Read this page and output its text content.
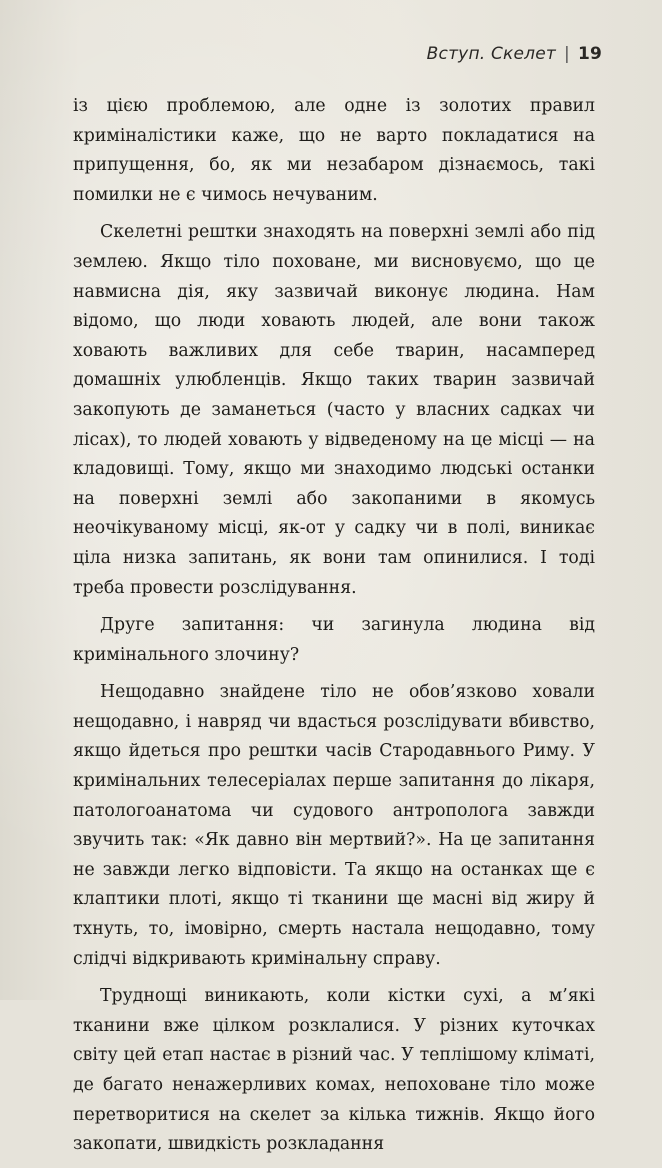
Вступ. Скелет | 19

із цією проблемою, але одне із золотих правил криміналістики каже, що не варто покладатися на припущення, бо, як ми незабаром дізнаємось, такі помилки не є чимось нечуваним.

Скелетні рештки знаходять на поверхні землі або під землею. Якщо тіло поховане, ми висновуємо, що це навмисна дія, яку зазвичай виконує людина. Нам відомо, що люди ховають людей, але вони також ховають важливих для себе тварин, насамперед домашніх улюбленців. Якщо таких тварин зазвичай закопують де заманеться (часто у власних садках чи лісах), то людей ховають у відведеному на це місці — на кладовищі. Тому, якщо ми знаходимо людські останки на поверхні землі або закопаними в якомусь неочікуваному місці, як-от у садку чи в полі, виникає ціла низка запитань, як вони там опинилися. І тоді треба провести розслідування.

Друге запитання: чи загинула людина від кримінального злочину?

Нещодавно знайдене тіло не обов’язково ховали нещодавно, і навряд чи вдасться розслідувати вбивство, якщо йдеться про рештки часів Стародавнього Риму. У кримінальних телесеріалах перше запитання до лікаря, патологоанатома чи судового антрополога завжди звучить так: «Як давно він мертвий?». На це запитання не завжди легко відповісти. Та якщо на останках ще є клаптики плоті, якщо ті тканини ще масні від жиру й тхнуть, то, імовірно, смерть настала нещодавно, тому слідчі відкривають кримінальну справу.

Труднощі виникають, коли кістки сухі, а м’які тканини вже цілком розклалися. У різних куточках світу цей етап настає в різний час. У теплішому кліматі, де багато ненажерливих комах, непоховане тіло може перетворитися на скелет за кілька тижнів. Якщо його закопати, швидкість розкладання
